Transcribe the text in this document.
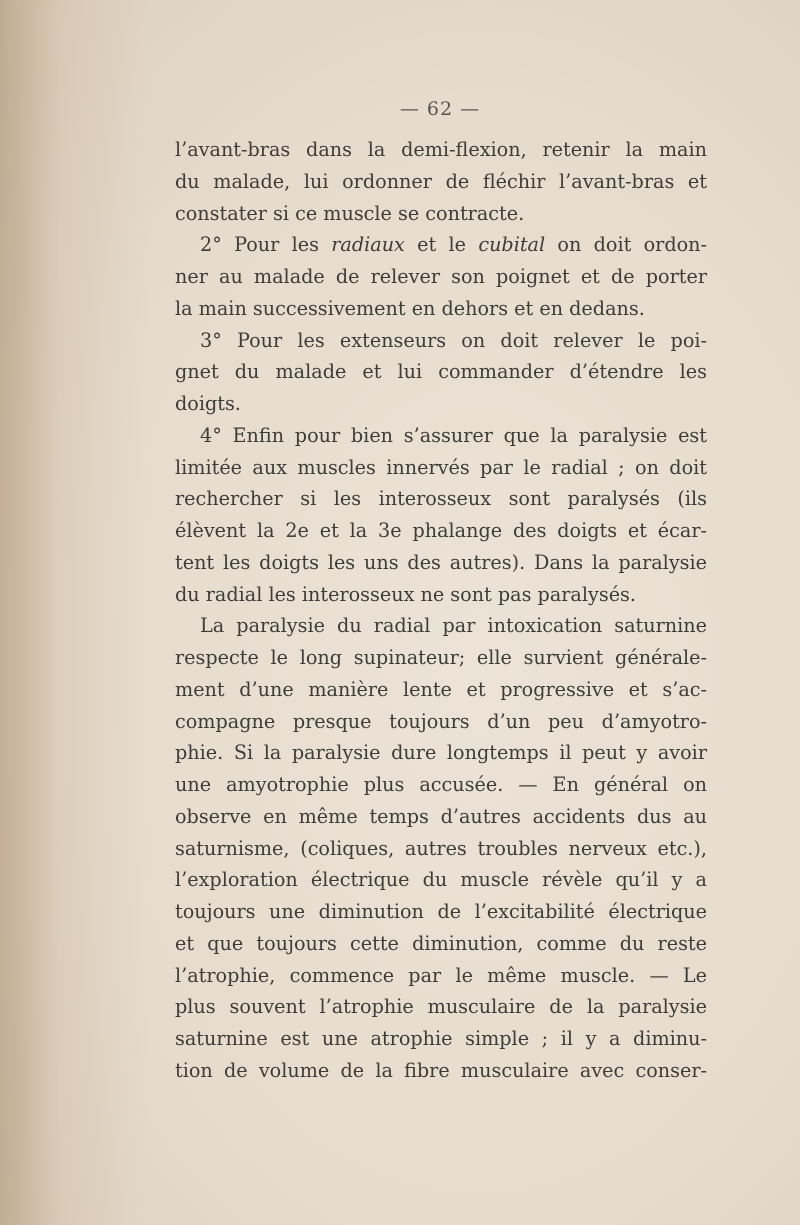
— 62 —
l’avant-bras dans la demi-flexion, retenir la main
du malade, lui ordonner de fléchir l’avant-bras et
constater si ce muscle se contracte.
2° Pour les radiaux et le cubital on doit ordon-
ner au malade de relever son poignet et de porter
la main successivement en dehors et en dedans.
3° Pour les extenseurs on doit relever le poi-
gnet du malade et lui commander d’étendre les
doigts.
4° Enfin pour bien s’assurer que la paralysie est
limitée aux muscles innervés par le radial ; on doit
rechercher si les interosseux sont paralysés (ils
élèvent la 2e et la 3e phalange des doigts et écar-
tent les doigts les uns des autres). Dans la paralysie
du radial les interosseux ne sont pas paralysés.
La paralysie du radial par intoxication saturnine
respecte le long supinateur; elle survient générale-
ment d’une manière lente et progressive et s’ac-
compagne presque toujours d’un peu d’amyotro-
phie. Si la paralysie dure longtemps il peut y avoir
une amyotrophie plus accusée. — En général on
observe en même temps d’autres accidents dus au
saturnisme, (coliques, autres troubles nerveux etc.),
l’exploration électrique du muscle révèle qu’il y a
toujours une diminution de l’excitabilité électrique
et que toujours cette diminution, comme du reste
l’atrophie, commence par le même muscle. — Le
plus souvent l’atrophie musculaire de la paralysie
saturnine est une atrophie simple ; il y a diminu-
tion de volume de la fibre musculaire avec conser-
